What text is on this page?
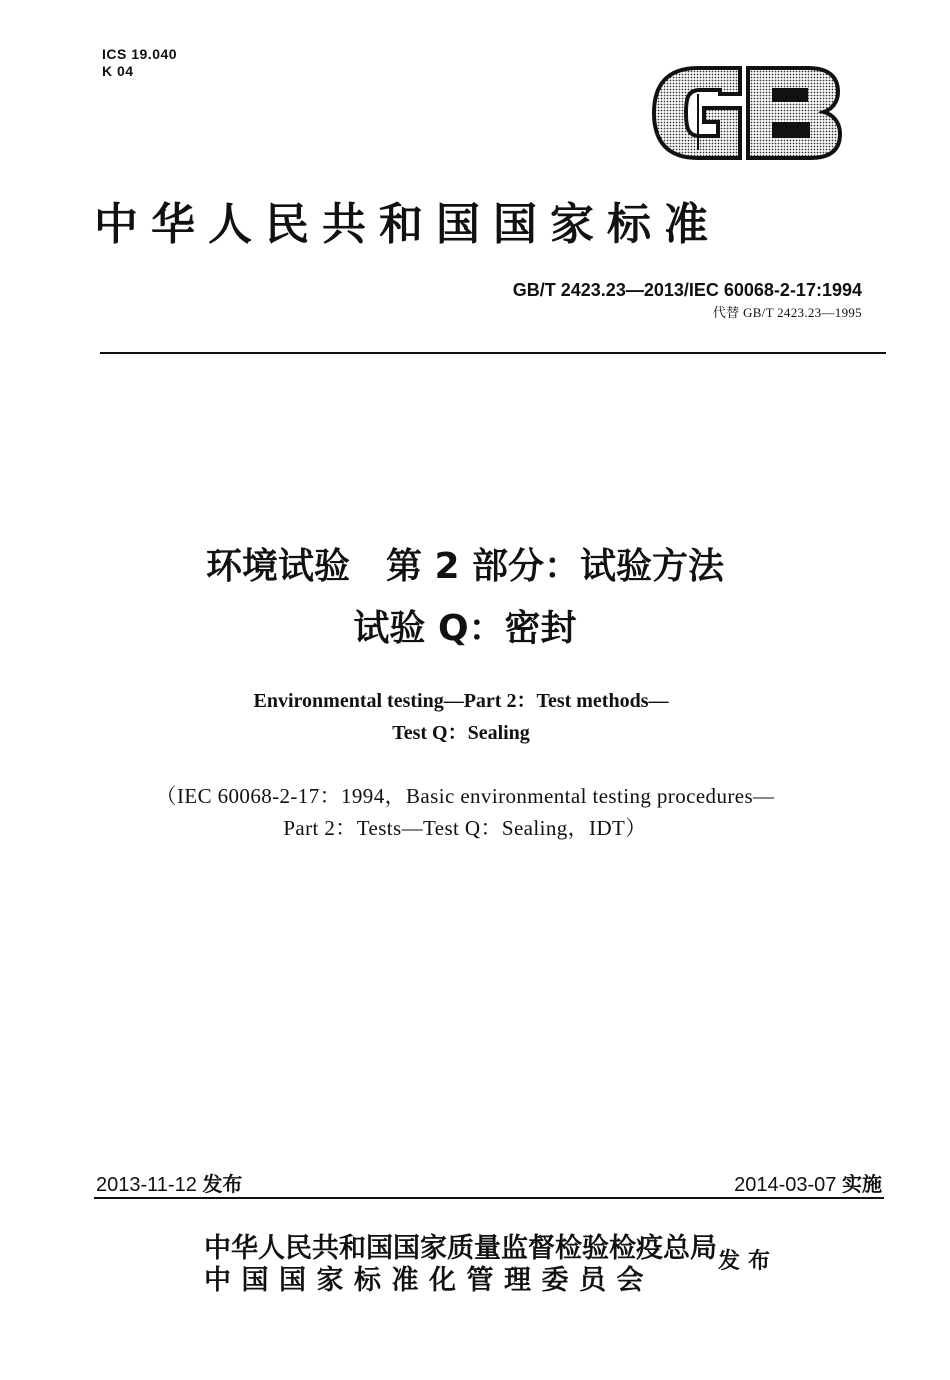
ICS 19.040
K 04
中华人民共和国国家标准
GB/T 2423.23—2013/IEC 60068-2-17:1994
代替 GB/T 2423.23—1995
环境试验　第 2 部分：试验方法
试验 Q：密封
Environmental testing—Part 2：Test methods—
Test Q：Sealing
（IEC 60068-2-17：1994，Basic environmental testing procedures—
Part 2：Tests—Test Q：Sealing，IDT）
2013-11-12 发布	2014-03-07 实施
中华人民共和国国家质量监督检验检疫总局
中国国家标准化管理委员会
发布
